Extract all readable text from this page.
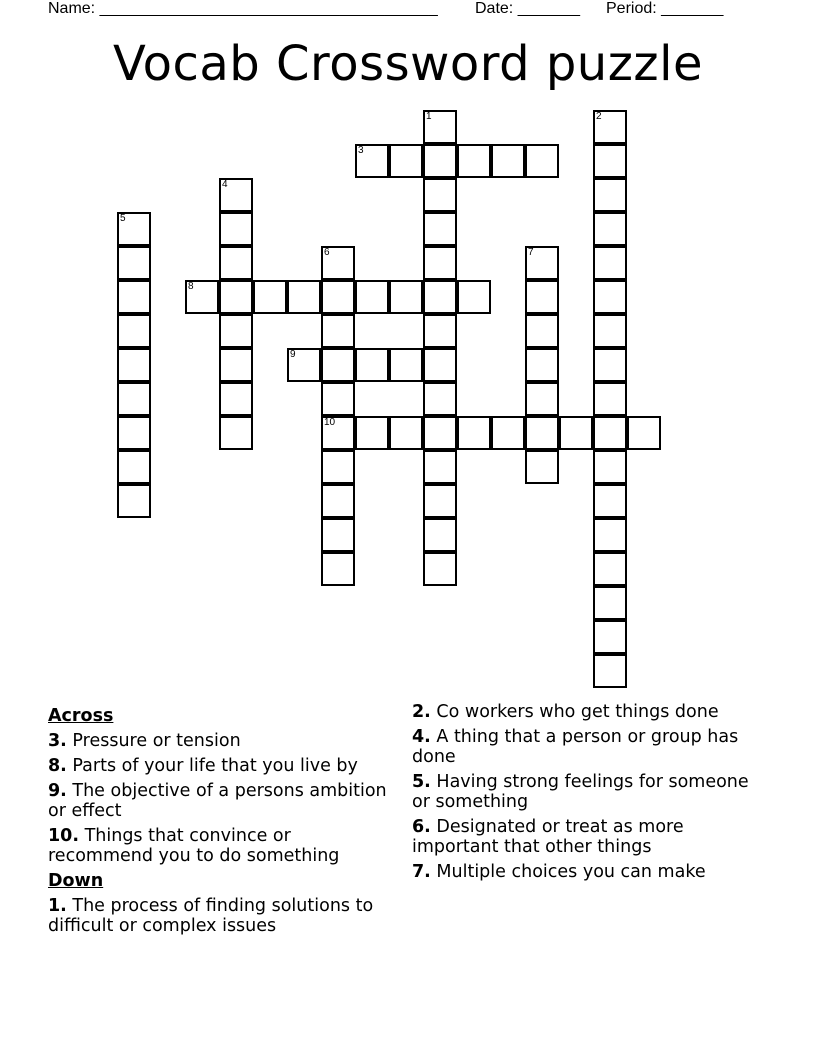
Name: ______________________________________ Date: _______ Period: _______
Vocab Crossword puzzle
1	2
3
4
5
6
10
7
8
9
Across
3. Pressure or tension
8. Parts of your life that you live by
9. The objective of a persons ambition or effect
10. Things that convince or recommend you to do something
Down
1. The process of finding solutions to difficult or complex issues
2. Co workers who get things done
4. A thing that a person or group has done
5. Having strong feelings for someone or something
6. Designated or treat as more important that other things
7. Multiple choices you can make
